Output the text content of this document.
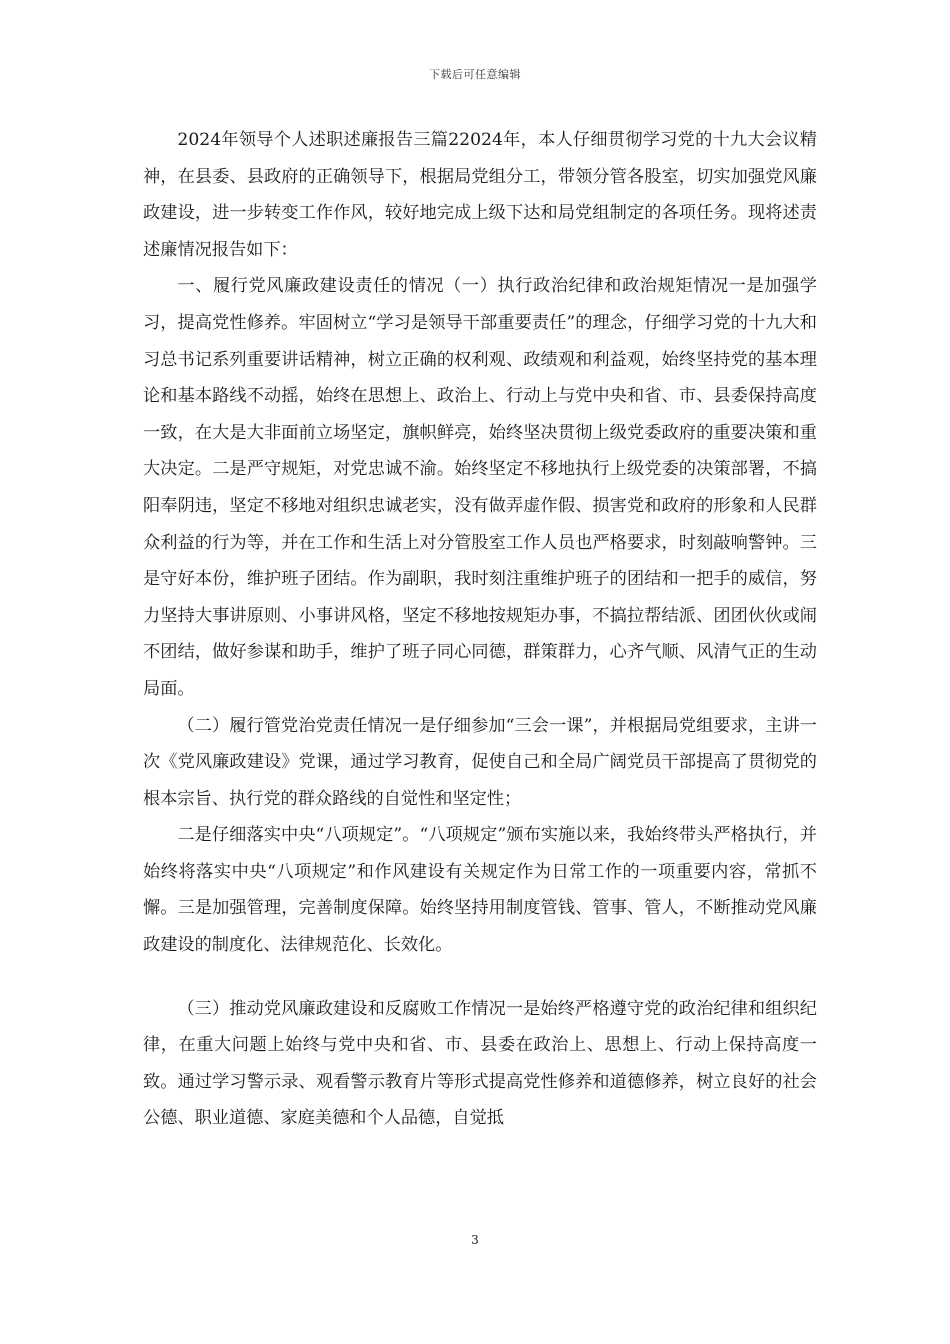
下载后可任意编辑

2024年领导个人述职述廉报告三篇22024年，本人仔细贯彻学习党的十九大会议精神，在县委、县政府的正确领导下，根据局党组分工，带领分管各股室，切实加强党风廉政建设，进一步转变工作作风，较好地完成上级下达和局党组制定的各项任务。现将述责述廉情况报告如下：

一、履行党风廉政建设责任的情况（一）执行政治纪律和政治规矩情况一是加强学习，提高党性修养。牢固树立“学习是领导干部重要责任”的理念，仔细学习党的十九大和习总书记系列重要讲话精神，树立正确的权利观、政绩观和利益观，始终坚持党的基本理论和基本路线不动摇，始终在思想上、政治上、行动上与党中央和省、市、县委保持高度一致，在大是大非面前立场坚定，旗帜鲜亮，始终坚决贯彻上级党委政府的重要决策和重大决定。二是严守规矩，对党忠诚不渝。始终坚定不移地执行上级党委的决策部署，不搞阳奉阴违，坚定不移地对组织忠诚老实，没有做弄虚作假、损害党和政府的形象和人民群众利益的行为等，并在工作和生活上对分管股室工作人员也严格要求，时刻敲响警钟。三是守好本份，维护班子团结。作为副职，我时刻注重维护班子的团结和一把手的威信，努力坚持大事讲原则、小事讲风格，坚定不移地按规矩办事，不搞拉帮结派、团团伙伙或闹不团结，做好参谋和助手，维护了班子同心同德，群策群力，心齐气顺、风清气正的生动局面。

（二）履行管党治党责任情况一是仔细参加“三会一课”，并根据局党组要求，主讲一次《党风廉政建设》党课，通过学习教育，促使自己和全局广阔党员干部提高了贯彻党的根本宗旨、执行党的群众路线的自觉性和坚定性；

二是仔细落实中央“八项规定”。“八项规定”颁布实施以来，我始终带头严格执行，并始终将落实中央“八项规定”和作风建设有关规定作为日常工作的一项重要内容，常抓不懈。三是加强管理，完善制度保障。始终坚持用制度管钱、管事、管人，不断推动党风廉政建设的制度化、法律规范化、长效化。

（三）推动党风廉政建设和反腐败工作情况一是始终严格遵守党的政治纪律和组织纪律，在重大问题上始终与党中央和省、市、县委在政治上、思想上、行动上保持高度一致。通过学习警示录、观看警示教育片等形式提高党性修养和道德修养，树立良好的社会公德、职业道德、家庭美德和个人品德，自觉抵

3
